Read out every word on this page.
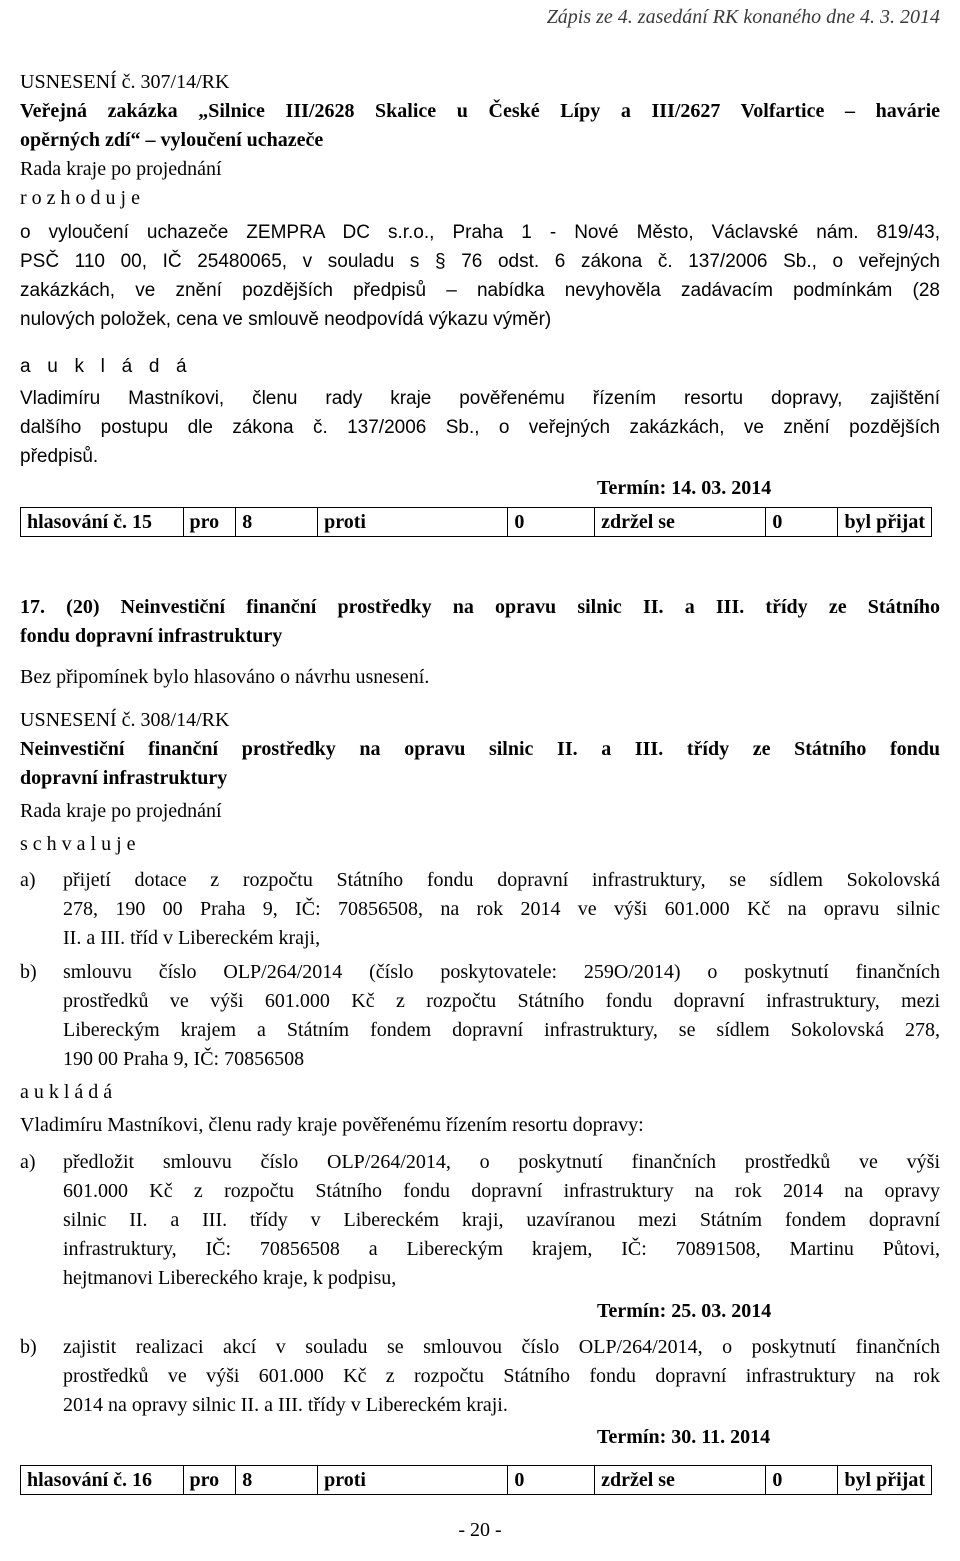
Zápis ze 4. zasedání RK konaného dne 4. 3. 2014
USNESENÍ č. 307/14/RK
Veřejná zakázka „Silnice III/2628 Skalice u České Lípy a III/2627 Volfartice – havárie
opěrných zdí“ – vyloučení uchazeče
Rada kraje po projednání
r o z h o d u j e
o vyloučení uchazeče ZEMPRA DC s.r.o., Praha 1 - Nové Město, Václavské nám. 819/43,
PSČ 110 00, IČ 25480065, v souladu s § 76 odst. 6 zákona č. 137/2006 Sb., o veřejných
zakázkách, ve znění pozdějších předpisů – nabídka nevyhověla zadávacím podmínkám (28
nulových položek, cena ve smlouvě neodpovídá výkazu výměr)
a u k l á d á
Vladimíru Mastníkovi, členu rady kraje pověřenému řízením resortu dopravy, zajištění
dalšího postupu dle zákona č. 137/2006 Sb., o veřejných zakázkách, ve znění pozdějších
předpisů.
Termín: 14. 03. 2014
hlasování č. 15	pro	8	proti	0	zdržel se	0	byl přijat
17. (20) Neinvestiční finanční prostředky na opravu silnic II. a III. třídy ze Státního
fondu dopravní infrastruktury
Bez připomínek bylo hlasováno o návrhu usnesení.
USNESENÍ č. 308/14/RK
Neinvestiční finanční prostředky na opravu silnic II. a III. třídy ze Státního fondu
dopravní infrastruktury
Rada kraje po projednání
s c h v a l u j e
a) přijetí dotace z rozpočtu Státního fondu dopravní infrastruktury, se sídlem Sokolovská
278, 190 00 Praha 9, IČ: 70856508, na rok 2014 ve výši 601.000 Kč na opravu silnic
II. a III. tříd v Libereckém kraji,
b) smlouvu číslo OLP/264/2014 (číslo poskytovatele: 259O/2014) o poskytnutí finančních
prostředků ve výši 601.000 Kč z rozpočtu Státního fondu dopravní infrastruktury, mezi
Libereckým krajem a Státním fondem dopravní infrastruktury, se sídlem Sokolovská 278,
190 00 Praha 9, IČ: 70856508
a u k l á d á
Vladimíru Mastníkovi, členu rady kraje pověřenému řízením resortu dopravy:
a) předložit smlouvu číslo OLP/264/2014, o poskytnutí finančních prostředků ve výši
601.000 Kč z rozpočtu Státního fondu dopravní infrastruktury na rok 2014 na opravy
silnic II. a III. třídy v Libereckém kraji, uzavíranou mezi Státním fondem dopravní
infrastruktury, IČ: 70856508 a Libereckým krajem, IČ: 70891508, Martinu Půtovi,
hejtmanovi Libereckého kraje, k podpisu,
Termín: 25. 03. 2014
b) zajistit realizaci akcí v souladu se smlouvou číslo OLP/264/2014, o poskytnutí finančních
prostředků ve výši 601.000 Kč z rozpočtu Státního fondu dopravní infrastruktury na rok
2014 na opravy silnic II. a III. třídy v Libereckém kraji.
Termín: 30. 11. 2014
hlasování č. 16	pro	8	proti	0	zdržel se	0	byl přijat
- 20 -
